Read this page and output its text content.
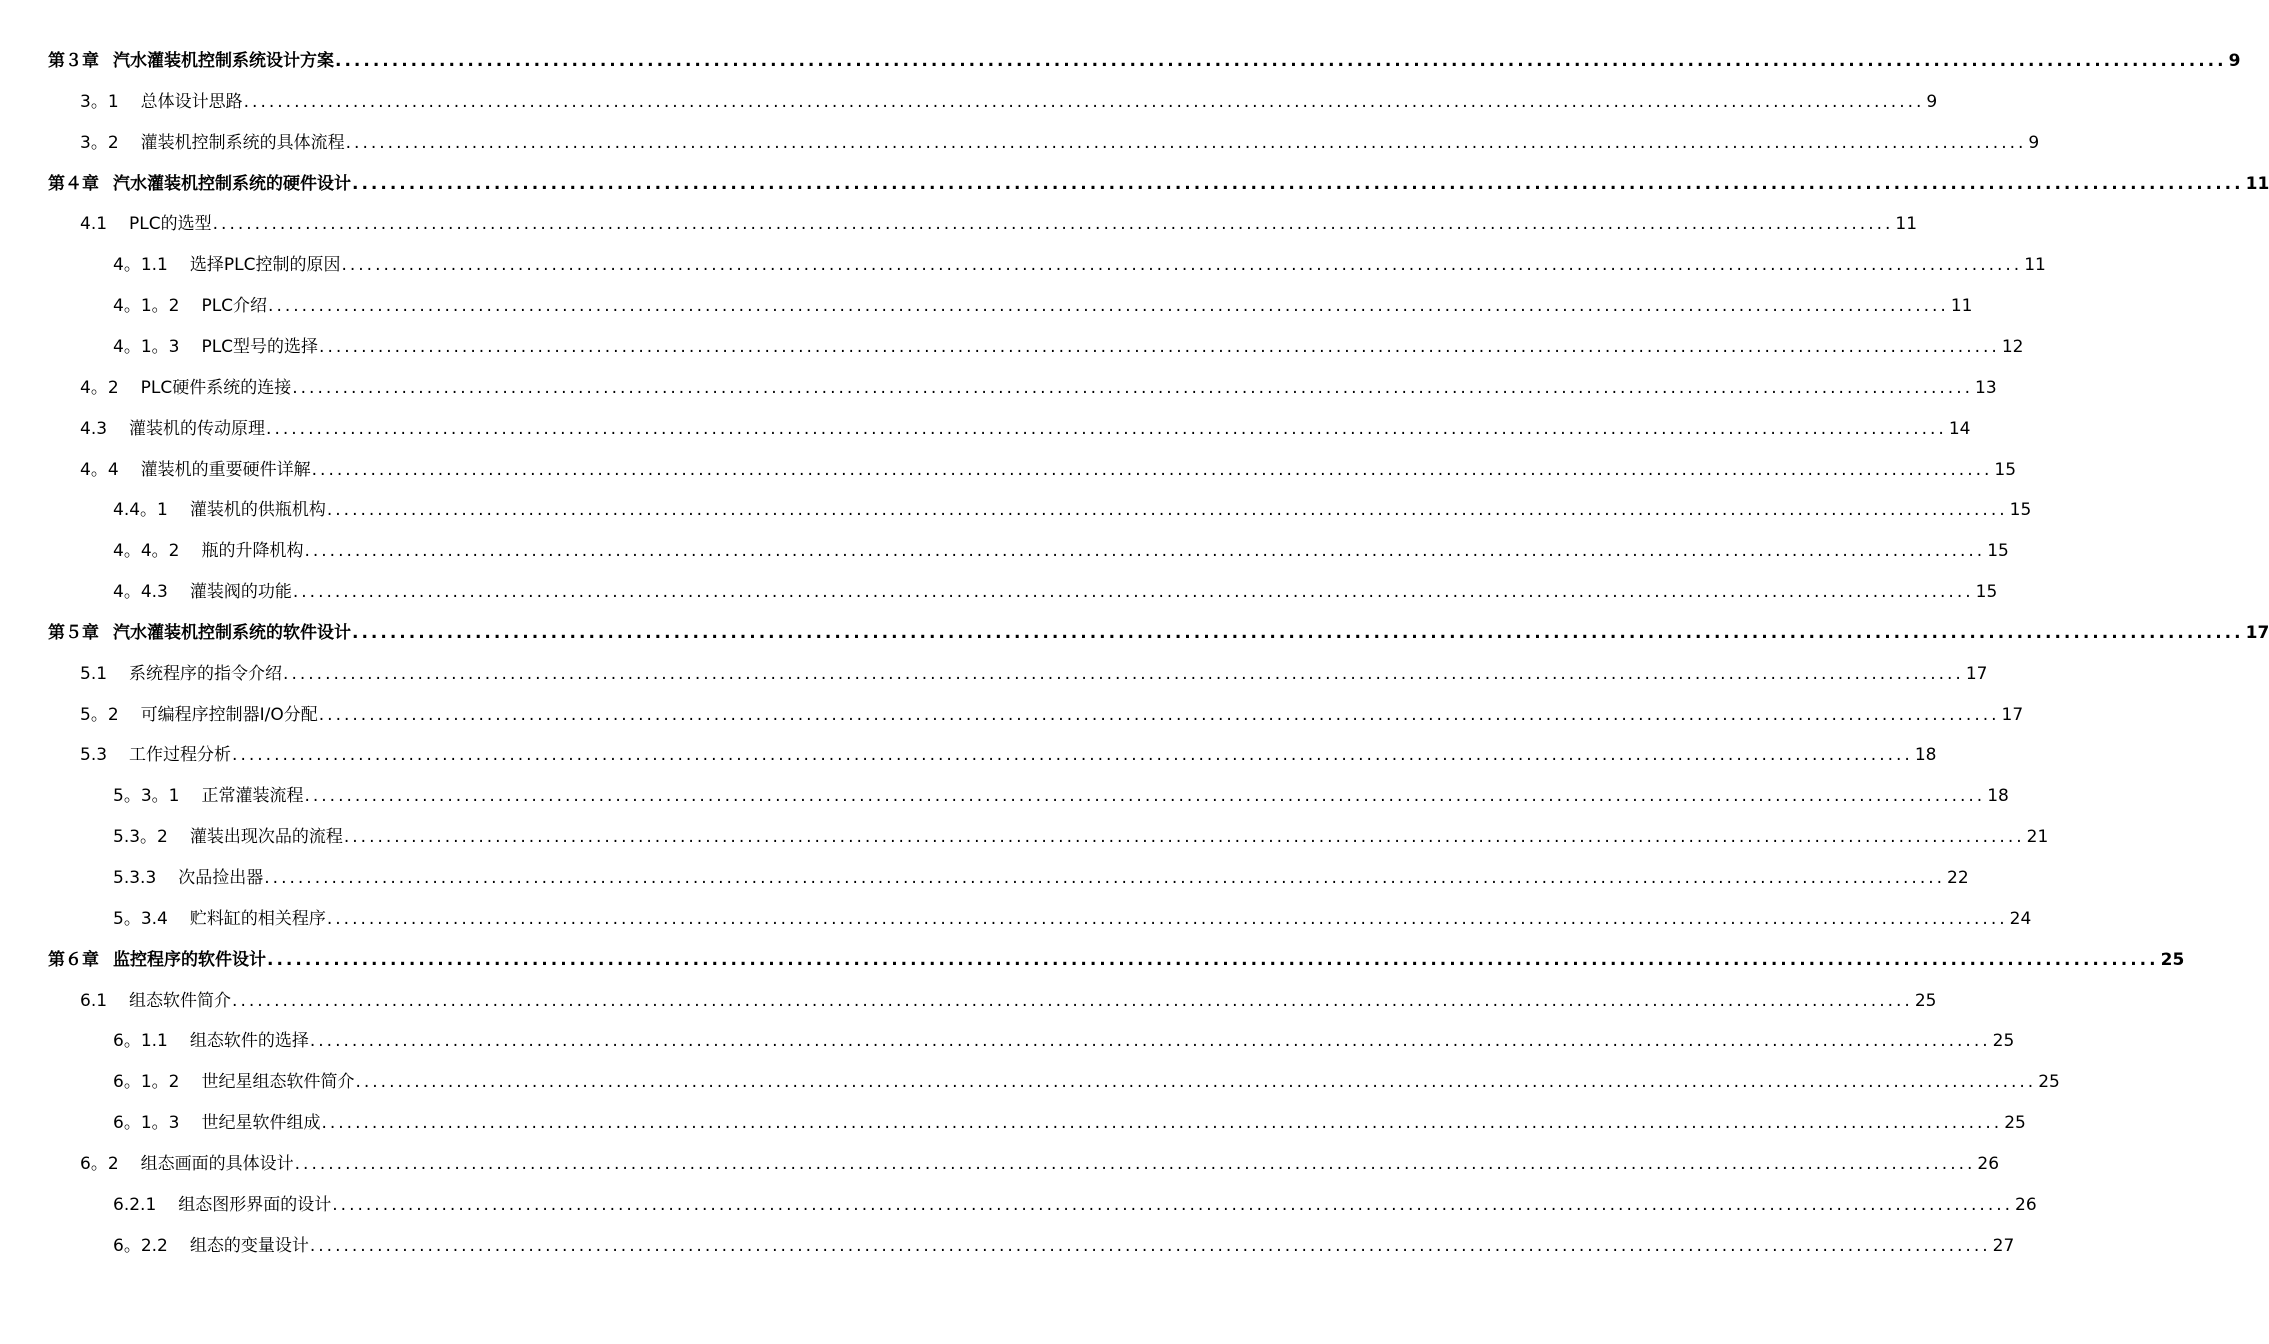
第３章 汽水灌装机控制系统设计方案 ........................................................................................................................................................................................................ 9
3。1 总体设计思路 ........................................................................................................................................................................................................ 9
3。2 灌装机控制系统的具体流程 ........................................................................................................................................................................................................ 9
第４章 汽水灌装机控制系统的硬件设计 ........................................................................................................................................................................................................ 11
4.1 PLC的选型 ........................................................................................................................................................................................................ 11
4。1.1 选择PLC控制的原因 ........................................................................................................................................................................................................ 11
4。1。2 PLC介绍 ........................................................................................................................................................................................................ 11
4。1。3 PLC型号的选择 ........................................................................................................................................................................................................ 12
4。2 PLC硬件系统的连接 ........................................................................................................................................................................................................ 13
4.3 灌装机的传动原理 ........................................................................................................................................................................................................ 14
4。4 灌装机的重要硬件详解 ........................................................................................................................................................................................................ 15
4.4。1 灌装机的供瓶机构 ........................................................................................................................................................................................................ 15
4。4。2 瓶的升降机构 ........................................................................................................................................................................................................ 15
4。4.3 灌装阀的功能 ........................................................................................................................................................................................................ 15
第５章 汽水灌装机控制系统的软件设计 ........................................................................................................................................................................................................ 17
5.1 系统程序的指令介绍 ........................................................................................................................................................................................................ 17
5。2 可编程序控制器I/O分配 ........................................................................................................................................................................................................ 17
5.3 工作过程分析 ........................................................................................................................................................................................................ 18
5。3。1 正常灌装流程 ........................................................................................................................................................................................................ 18
5.3。2 灌装出现次品的流程 ........................................................................................................................................................................................................ 21
5.3.3 次品捡出器 ........................................................................................................................................................................................................ 22
5。3.4 贮料缸的相关程序 ........................................................................................................................................................................................................ 24
第６章 监控程序的软件设计 ........................................................................................................................................................................................................ 25
6.1 组态软件简介 ........................................................................................................................................................................................................ 25
6。1.1 组态软件的选择 ........................................................................................................................................................................................................ 25
6。1。2 世纪星组态软件简介 ........................................................................................................................................................................................................ 25
6。1。3 世纪星软件组成 ........................................................................................................................................................................................................ 25
6。2 组态画面的具体设计 ........................................................................................................................................................................................................ 26
6.2.1 组态图形界面的设计 ........................................................................................................................................................................................................ 26
6。2.2 组态的变量设计 ........................................................................................................................................................................................................ 27
